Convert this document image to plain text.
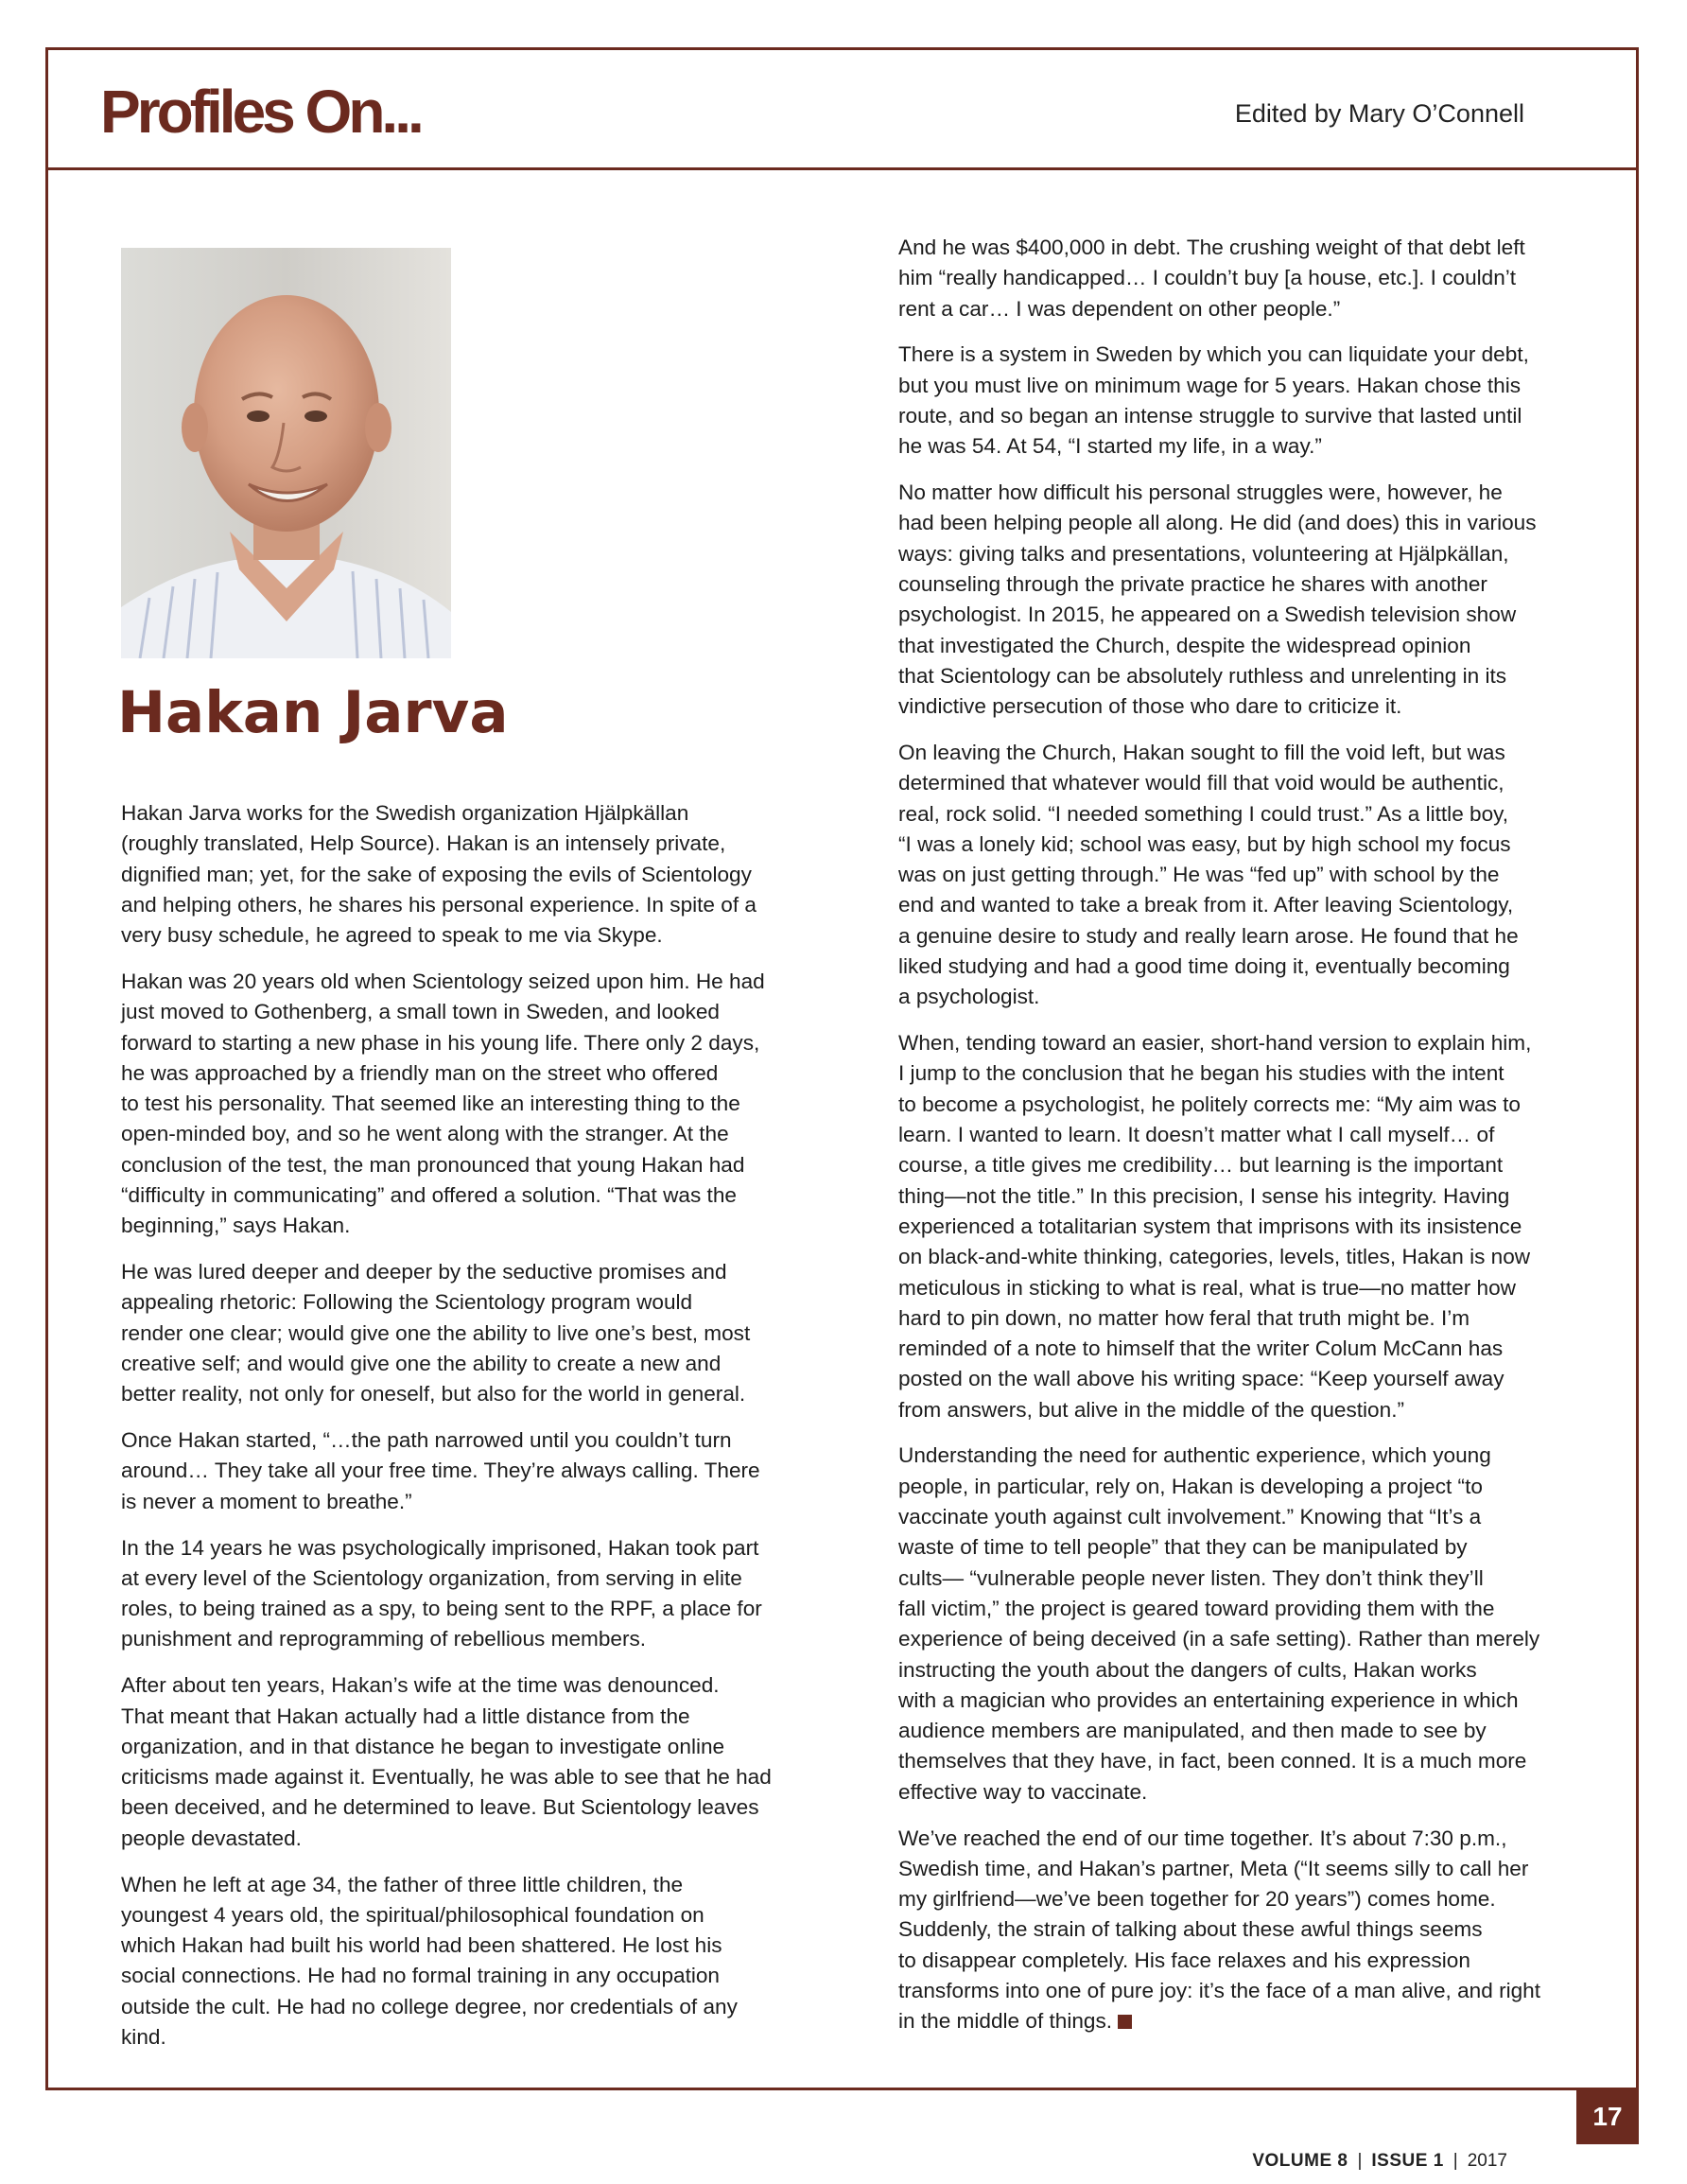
Profiles On...	Edited by Mary O’Connell
Hakan Jarva

Hakan Jarva works for the Swedish organization Hjälpkällan
(roughly translated, Help Source). Hakan is an intensely private,
dignified man; yet, for the sake of exposing the evils of Scientology
and helping others, he shares his personal experience. In spite of a
very busy schedule, he agreed to speak to me via Skype.

Hakan was 20 years old when Scientology seized upon him. He had
just moved to Gothenberg, a small town in Sweden, and looked
forward to starting a new phase in his young life. There only 2 days,
he was approached by a friendly man on the street who offered
to test his personality. That seemed like an interesting thing to the
open-minded boy, and so he went along with the stranger. At the
conclusion of the test, the man pronounced that young Hakan had
“difficulty in communicating” and offered a solution. “That was the
beginning,” says Hakan.

He was lured deeper and deeper by the seductive promises and
appealing rhetoric: Following the Scientology program would
render one clear; would give one the ability to live one’s best, most
creative self; and would give one the ability to create a new and
better reality, not only for oneself, but also for the world in general.

Once Hakan started, “…the path narrowed until you couldn’t turn
around… They take all your free time. They’re always calling. There
is never a moment to breathe.”

In the 14 years he was psychologically imprisoned, Hakan took part
at every level of the Scientology organization, from serving in elite
roles, to being trained as a spy, to being sent to the RPF, a place for
punishment and reprogramming of rebellious members.

After about ten years, Hakan’s wife at the time was denounced.
That meant that Hakan actually had a little distance from the
organization, and in that distance he began to investigate online
criticisms made against it. Eventually, he was able to see that he had
been deceived, and he determined to leave. But Scientology leaves
people devastated.

When he left at age 34, the father of three little children, the
youngest 4 years old, the spiritual/philosophical foundation on
which Hakan had built his world had been shattered. He lost his
social connections. He had no formal training in any occupation
outside the cult. He had no college degree, nor credentials of any
kind.

And he was $400,000 in debt. The crushing weight of that debt left
him “really handicapped… I couldn’t buy [a house, etc.]. I couldn’t
rent a car… I was dependent on other people.”

There is a system in Sweden by which you can liquidate your debt,
but you must live on minimum wage for 5 years. Hakan chose this
route, and so began an intense struggle to survive that lasted until
he was 54. At 54, “I started my life, in a way.”

No matter how difficult his personal struggles were, however, he
had been helping people all along. He did (and does) this in various
ways: giving talks and presentations, volunteering at Hjälpkällan,
counseling through the private practice he shares with another
psychologist. In 2015, he appeared on a Swedish television show
that investigated the Church, despite the widespread opinion
that Scientology can be absolutely ruthless and unrelenting in its
vindictive persecution of those who dare to criticize it.

On leaving the Church, Hakan sought to fill the void left, but was
determined that whatever would fill that void would be authentic,
real, rock solid. “I needed something I could trust.” As a little boy,
“I was a lonely kid; school was easy, but by high school my focus
was on just getting through.” He was “fed up” with school by the
end and wanted to take a break from it. After leaving Scientology,
a genuine desire to study and really learn arose. He found that he
liked studying and had a good time doing it, eventually becoming
a psychologist.

When, tending toward an easier, short-hand version to explain him,
I jump to the conclusion that he began his studies with the intent
to become a psychologist, he politely corrects me: “My aim was to
learn. I wanted to learn. It doesn’t matter what I call myself… of
course, a title gives me credibility… but learning is the important
thing—not the title.” In this precision, I sense his integrity. Having
experienced a totalitarian system that imprisons with its insistence
on black-and-white thinking, categories, levels, titles, Hakan is now
meticulous in sticking to what is real, what is true—no matter how
hard to pin down, no matter how feral that truth might be. I’m
reminded of a note to himself that the writer Colum McCann has
posted on the wall above his writing space: “Keep yourself away
from answers, but alive in the middle of the question.”

Understanding the need for authentic experience, which young
people, in particular, rely on, Hakan is developing a project “to
vaccinate youth against cult involvement.” Knowing that “It’s a
waste of time to tell people” that they can be manipulated by
cults— “vulnerable people never listen. They don’t think they’ll
fall victim,” the project is geared toward providing them with the
experience of being deceived (in a safe setting). Rather than merely
instructing the youth about the dangers of cults, Hakan works
with a magician who provides an entertaining experience in which
audience members are manipulated, and then made to see by
themselves that they have, in fact, been conned. It is a much more
effective way to vaccinate.

We’ve reached the end of our time together. It’s about 7:30 p.m.,
Swedish time, and Hakan’s partner, Meta (“It seems silly to call her
my girlfriend—we’ve been together for 20 years”) comes home.
Suddenly, the strain of talking about these awful things seems
to disappear completely. His face relaxes and his expression
transforms into one of pure joy: it’s the face of a man alive, and right
in the middle of things.

VOLUME 8 | ISSUE 1 | 2017
17
